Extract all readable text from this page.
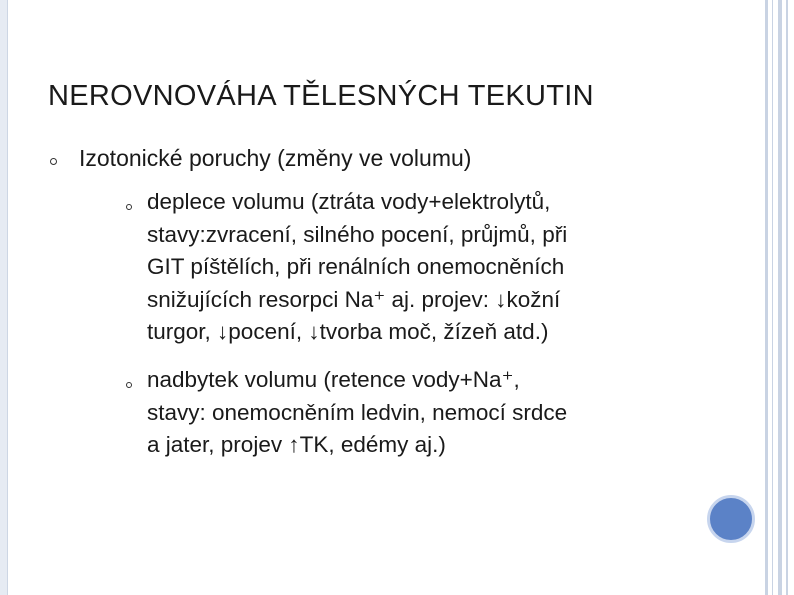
NEROVNOVÁHA TĚLESNÝCH TEKUTIN
Izotonické poruchy (změny ve volumu)
deplece volumu (ztráta vody+elektrolytů,
stavy:zvracení, silného pocení, průjmů, při
GIT píštělích, při renálních onemocněních
snižujících resorpci Na⁺ aj. projev: ↓kožní
turgor, ↓pocení, ↓tvorba moč, žízeň atd.)
nadbytek volumu (retence vody+Na⁺,
stavy: onemocněním ledvin, nemocí srdce
a jater, projev ↑TK, edémy aj.)
